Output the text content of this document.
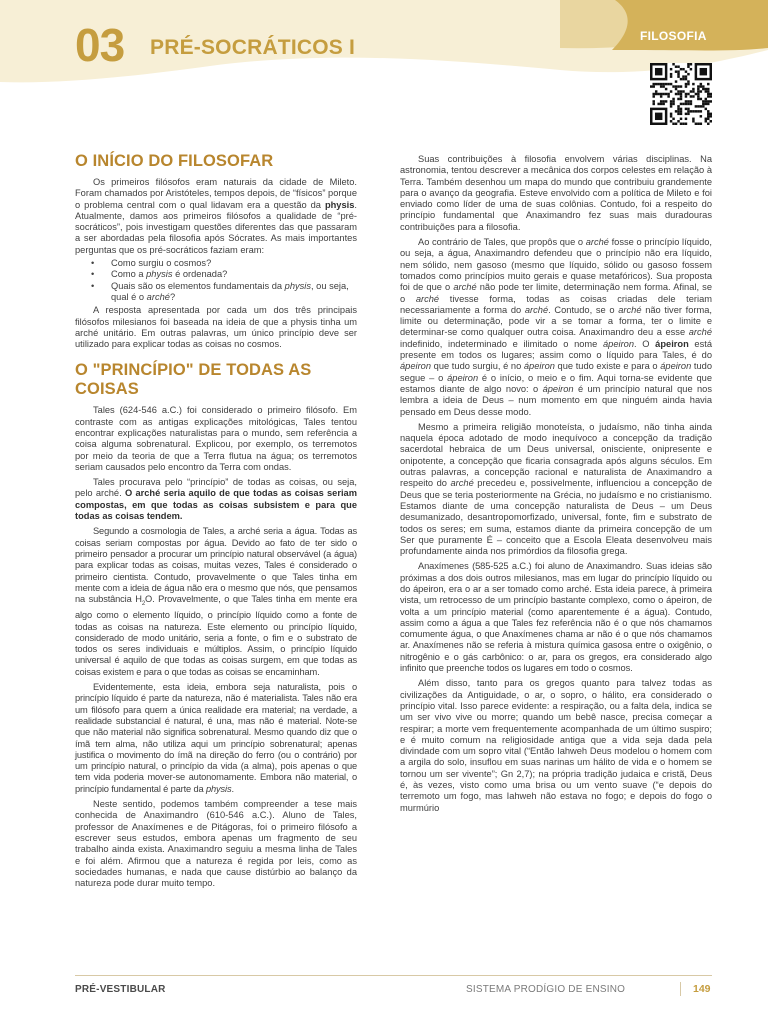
03 PRÉ-SOCRÁTICOS I	FILOSOFIA
O INÍCIO DO FILOSOFAR

Os primeiros filósofos eram naturais da cidade de Mileto. Foram chamados por Aristóteles, tempos depois, de “físicos” porque o problema central com o qual lidavam era a questão da physis. Atualmente, damos aos primeiros filósofos a qualidade de “pré-socráticos”, pois investigam questões diferentes das que passaram a ser abordadas pela filosofia após Sócrates. As mais importantes perguntas que os pré-socráticos faziam eram:

• Como surgiu o cosmos?
• Como a physis é ordenada?
• Quais são os elementos fundamentais da physis, ou seja, qual é o arché?

A resposta apresentada por cada um dos três principais filósofos milesianos foi baseada na ideia de que a physis tinha um arché unitário. Em outras palavras, um único princípio deve ser utilizado para explicar todas as coisas no cosmos.

O "PRINCÍPIO" DE TODAS AS COISAS

Tales (624-546 a.C.) foi considerado o primeiro filósofo. Em contraste com as antigas explicações mitológicas, Tales tentou encontrar explicações naturalistas para o mundo, sem referência a coisa alguma sobrenatural. Explicou, por exemplo, os terremotos por meio da teoria de que a Terra flutua na água; os terremotos seriam causados pelo encontro da Terra com ondas.

Tales procurava pelo “princípio” de todas as coisas, ou seja, pelo arché. O arché seria aquilo de que todas as coisas seriam compostas, em que todas as coisas subsistem e para que todas as coisas tendem.

Segundo a cosmologia de Tales, a arché seria a água. Todas as coisas seriam compostas por água. Devido ao fato de ter sido o primeiro pensador a procurar um princípio natural observável (a água) para explicar todas as coisas, muitas vezes, Tales é considerado o primeiro cientista. Contudo, provavelmente o que Tales tinha em mente com a ideia de água não era o mesmo que nós, que pensamos na substância $H_2O$. Provavelmente, o que Tales tinha em mente era algo como o elemento líquido, o princípio líquido como a fonte de todas as coisas na natureza. Este elemento ou princípio líquido, considerado de modo unitário, seria a fonte, o fim e o substrato de todos os seres individuais e múltiplos. Assim, o princípio líquido universal é aquilo de que todas as coisas surgem, em que todas as coisas existem e para o que todas as coisas se encaminham.

Evidentemente, esta ideia, embora seja naturalista, pois o princípio líquido é parte da natureza, não é materialista. Tales não era um filósofo para quem a única realidade era material; na verdade, a realidade substancial é natural, é una, mas não é material. Note-se que não material não significa sobrenatural. Mesmo quando diz que o ímã tem alma, não utiliza aqui um princípio sobrenatural; apenas justifica o movimento do ímã na direção do ferro (ou o contrário) por um princípio natural, o princípio da vida (a alma), pois apenas o que tem vida poderia mover-se autonomamente. Embora não material, o princípio fundamental é parte da physis.

Neste sentido, podemos também compreender a tese mais conhecida de Anaximandro (610-546 a.C.). Aluno de Tales, professor de Anaxímenes e de Pitágoras, foi o primeiro filósofo a escrever seus estudos, embora apenas um fragmento de seu trabalho ainda exista. Anaximandro seguiu a mesma linha de Tales e foi além. Afirmou que a natureza é regida por leis, como as sociedades humanas, e nada que cause distúrbio ao balanço da natureza pode durar muito tempo.

Suas contribuições à filosofia envolvem várias disciplinas. Na astronomia, tentou descrever a mecânica dos corpos celestes em relação à Terra. Também desenhou um mapa do mundo que contribuiu grandemente para o avanço da geografia. Esteve envolvido com a política de Mileto e foi enviado como líder de uma de suas colônias. Contudo, foi a respeito do princípio fundamental que Anaximandro fez suas mais duradouras contribuições para a filosofia.

Ao contrário de Tales, que propôs que o arché fosse o princípio líquido, ou seja, a água, Anaximandro defendeu que o princípio não era líquido, nem sólido, nem gasoso (mesmo que líquido, sólido ou gasoso fossem tomados como princípios muito gerais e quase metafóricos). Sua proposta foi de que o arché não pode ter limite, determinação nem forma. Afinal, se o arché tivesse forma, todas as coisas criadas dele teriam necessariamente a forma do arché. Contudo, se o arché não tiver forma, limite ou determinação, pode vir a se tomar a forma, ter o limite e determinar-se como qualquer outra coisa. Anaximandro deu a esse arché indefinido, indeterminado e ilimitado o nome ápeiron. O ápeiron está presente em todos os lugares; assim como o líquido para Tales, é do ápeiron que tudo surgiu, é no ápeiron que tudo existe e para o ápeiron tudo segue – o ápeiron é o início, o meio e o fim. Aqui torna-se evidente que estamos diante de algo novo: o ápeiron é um princípio natural que nos lembra a ideia de Deus – num momento em que ninguém ainda havia pensado em Deus desse modo.

Mesmo a primeira religião monoteísta, o judaísmo, não tinha ainda naquela época adotado de modo inequívoco a concepção da tradição sacerdotal hebraica de um Deus universal, onisciente, onipresente e onipotente, a concepção que ficaria consagrada após alguns séculos. Em outras palavras, a concepção racional e naturalista de Anaximandro a respeito do arché precedeu e, possivelmente, influenciou a concepção de Deus que se teria posteriormente na Grécia, no judaísmo e no cristianismo. Estamos diante de uma concepção naturalista de Deus – um Deus desumanizado, desantropomorfizado, universal, fonte, fim e substrato de todos os seres; em suma, estamos diante da primeira concepção de um Ser que puramente É – conceito que a Escola Eleata desenvolveu mais profundamente ainda nos primórdios da filosofia grega.

Anaxímenes (585-525 a.C.) foi aluno de Anaximandro. Suas ideias são próximas a dos dois outros milesianos, mas em lugar do princípio líquido ou do ápeiron, era o ar a ser tomado como arché. Esta ideia parece, à primeira vista, um retrocesso de um princípio bastante complexo, como o ápeiron, de volta a um princípio material (como aparentemente é a água). Contudo, assim como a água a que Tales fez referência não é o que nós chamamos comumente água, o que Anaxímenes chama ar não é o que nós chamamos ar. Anaxímenes não se referia à mistura química gasosa entre o oxigênio, o nitrogênio e o gás carbônico: o ar, para os gregos, era considerado algo infinito que preenche todos os lugares em todo o cosmos.

Além disso, tanto para os gregos quanto para talvez todas as civilizações da Antiguidade, o ar, o sopro, o hálito, era considerado o princípio vital. Isso parece evidente: a respiração, ou a falta dela, indica se um ser vivo vive ou morre; quando um bebê nasce, precisa começar a respirar; a morte vem frequentemente acompanhada de um último suspiro; e é muito comum na religiosidade antiga que a vida seja dada pela divindade com um sopro vital (“Então Iahweh Deus modelou o homem com a argila do solo, insuflou em suas narinas um hálito de vida e o homem se tornou um ser vivente”; Gn 2,7); na própria tradição judaica e cristã, Deus é, às vezes, visto como uma brisa ou um vento suave (“e depois do terremoto um fogo, mas Iahweh não estava no fogo; e depois do fogo o murmúrio

PRÉ-VESTIBULAR	SISTEMA PRODÍGIO DE ENSINO	149
